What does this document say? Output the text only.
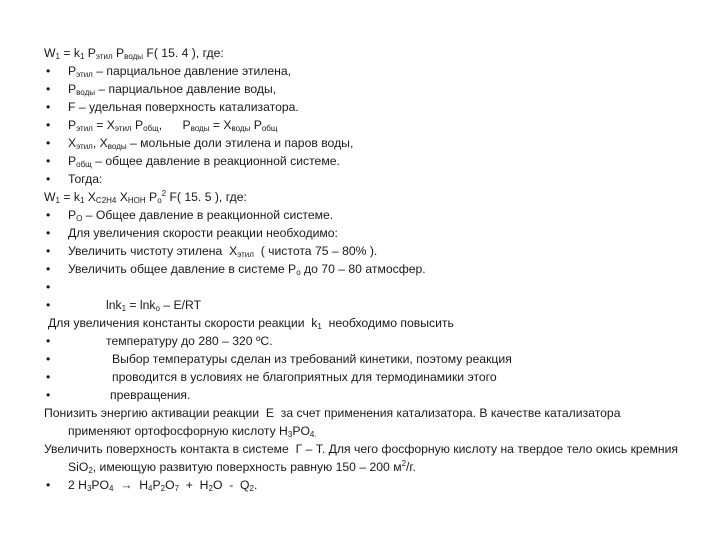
$W_1 = k_1$ $P_{этил}$ $P_{воды}$ F( 15. 4 ), где:
• $P_{этил}$ – парциальное давление этилена,
• $P_{воды}$ – парциальное давление воды,
• F – удельная поверхность катализатора.
• $P_{этил} = X_{этил}$ $P_{общ}$,      $P_{воды} = X_{воды}$ $P_{общ}$
• $X_{этил}$, $X_{воды}$ – мольные доли этилена и паров воды,
• $P_{общ}$ – общее давление в реакционной системе.
• Тогда:
$W_1 = k_1$ $X_{C2H4}$ $X_{HOH}$ $P_o^2$ F( 15. 5 ), где:
• $P_O$ – Общее давление в реакционной системе.
• Для увеличения скорости реакции необходимо:
• Увеличить чистоту этилена  $X_{этил}$  ( чистота 75 – 80% ).
• Увеличить общее давление в системе $P_o$ до 70 – 80 атмосфер.
•
•	lnk$_1$ = lnk$_o$ – E/RT
Для увеличения константы скорости реакции  $k_1$  необходимо повысить
•	температуру до 280 – 320 ºC.
•	Выбор температуры сделан из требований кинетики, поэтому реакция
•	проводится в условиях не благоприятных для термодинамики этого
•	превращения.
Понизить энергию активации реакции  E  за счет применения катализатора. В качестве катализатора применяют ортофосфорную кислоту $H_3PO_{4.}$
Увеличить поверхность контакта в системе  Г – Т. Для чего фосфорную кислоту на твердое тело окись кремния SiO$_2$, имеющую развитую поверхность равную 150 – 200 $м^2/г$.
• 2 $H_3PO_4 \to H_4P_2O_7 + H_2O - Q_2$.
